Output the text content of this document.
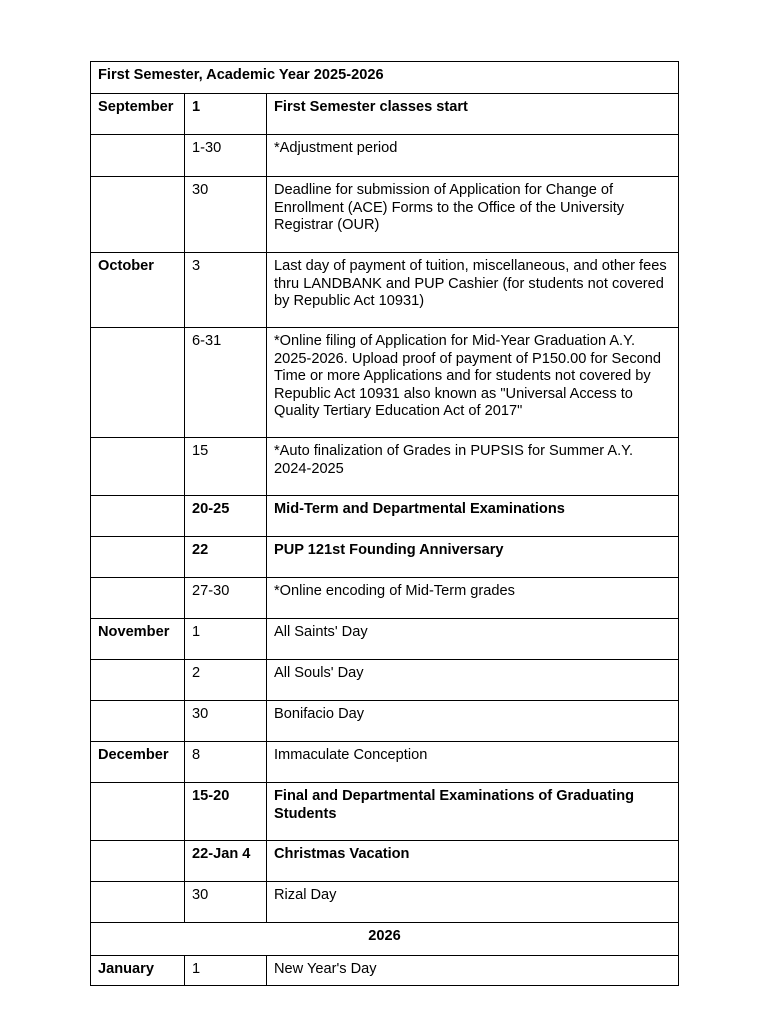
First Semester, Academic Year 2025-2026		
September	1	First Semester classes start
	1-30	*Adjustment period
	30	Deadline for submission of Application for Change of Enrollment (ACE) Forms to the Office of the University Registrar (OUR)
October	3	Last day of payment of tuition, miscellaneous, and other fees thru LANDBANK and PUP Cashier (for students not covered by Republic Act 10931)
	6-31	*Online filing of Application for Mid-Year Graduation A.Y. 2025-2026. Upload proof of payment of P150.00 for Second Time or more Applications and for students not covered by Republic Act 10931 also known as "Universal Access to Quality Tertiary Education Act of 2017"
	15	*Auto finalization of Grades in PUPSIS for Summer A.Y. 2024-2025
	20-25	Mid-Term and Departmental Examinations
	22	PUP 121st Founding Anniversary
	27-30	*Online encoding of Mid-Term grades
November	1	All Saints' Day
	2	All Souls' Day
	30	Bonifacio Day
December	8	Immaculate Conception
	15-20	Final and Departmental Examinations of Graduating Students
	22-Jan 4	Christmas Vacation
	30	Rizal Day
2026		
January	1	New Year's Day
